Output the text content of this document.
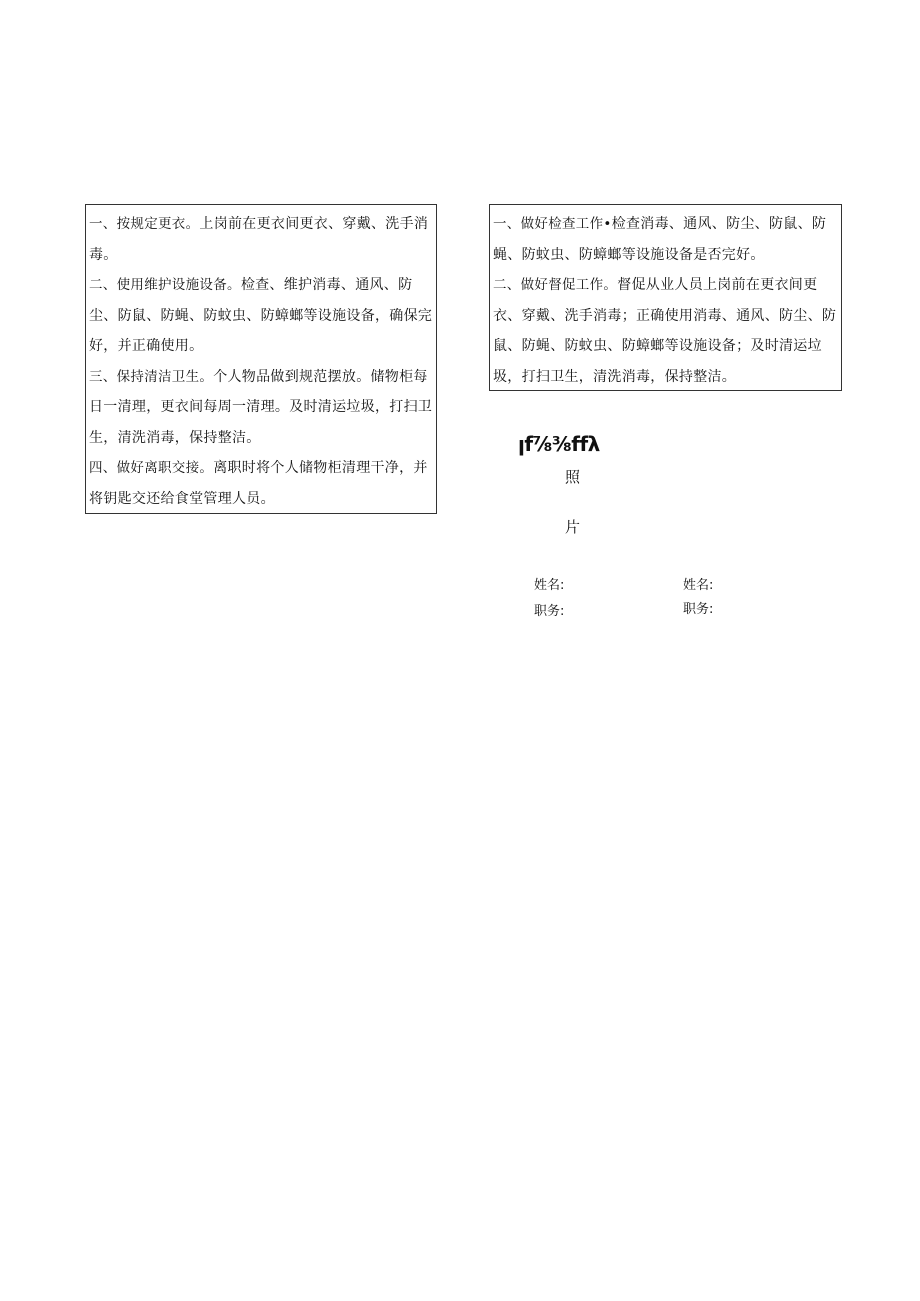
一、按规定更衣。上岗前在更衣间更衣、穿戴、洗手消毒。

二、使用维护设施设备。检查、维护消毒、通风、防尘、防鼠、防蝇、防蚊虫、防蟑螂等设施设备，确保完好，并正确使用。

三、保持清洁卫生。个人物品做到规范摆放。储物柜每日一清理，更衣间每周一清理。及时清运垃圾，打扫卫生，清洗消毒，保持整洁。

四、做好离职交接。离职时将个人储物柜清理干净，并将钥匙交还给食堂管理人员。

一、做好检查工作•检查消毒、通风、防尘、防鼠、防蝇、防蚊虫、防蟑螂等设施设备是否完好。

二、做好督促工作。督促从业人员上岗前在更衣间更衣、穿戴、洗手消毒；正确使用消毒、通风、防尘、防鼠、防蝇、防蚊虫、防蟑螂等设施设备；及时清运垃圾，打扫卫生，清洗消毒，保持整洁。

ꞁf⁷⁄₈³⁄₈ffλ
照
片
姓名:
职务:
姓名:
职务:
